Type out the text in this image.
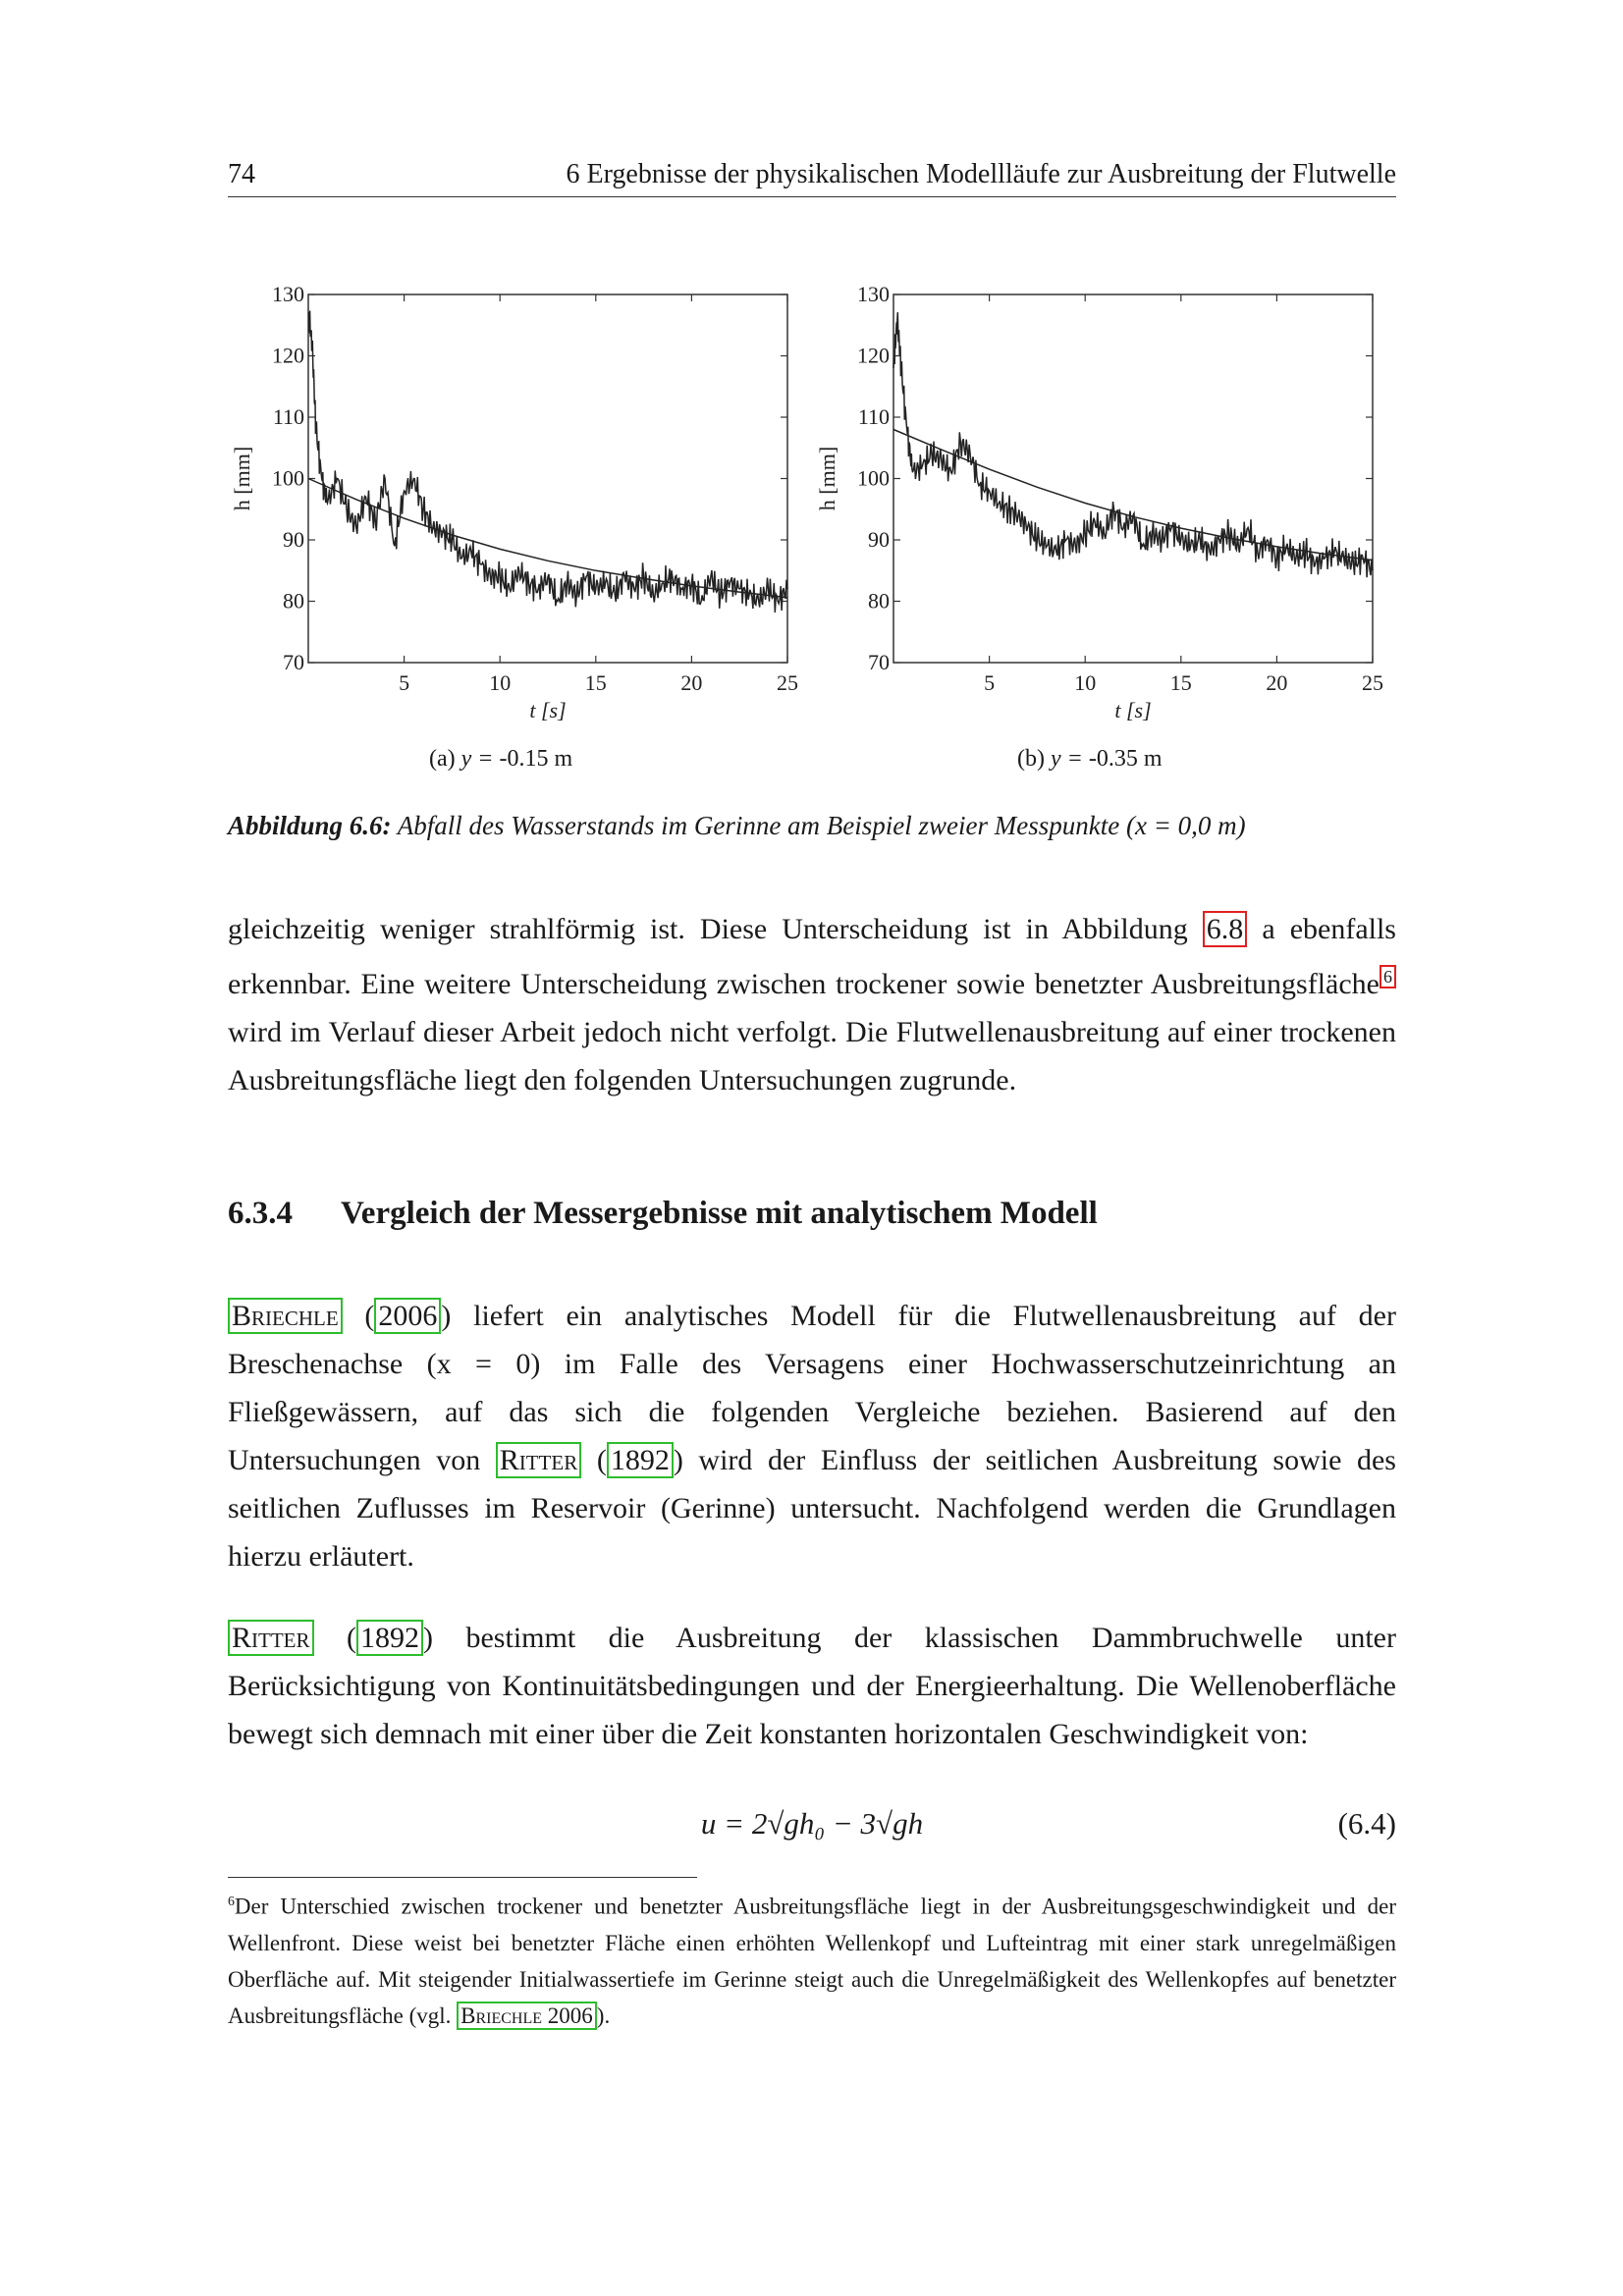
74	6 Ergebnisse der physikalischen Modellläufe zur Ausbreitung der Flutwelle
70
80
90
100
110
120
130
5	10	15	20	25
t [s]
h [mm]
70
80
90
100
110
120
130
5	10	15	20	25
t [s]
h [mm]
(a) y = -0.15 m	(b) y = -0.35 m
Abbildung 6.6: Abfall des Wasserstands im Gerinne am Beispiel zweier Messpunkte (x = 0,0 m)
gleichzeitig weniger strahlförmig ist. Diese Unterscheidung ist in Abbildung 6.8 a ebenfalls erkennbar. Eine weitere Unterscheidung zwischen trockener sowie benetzter Ausbreitungsfläche $^6$ wird im Verlauf dieser Arbeit jedoch nicht verfolgt. Die Flutwellenausbreitung auf einer trockenen Ausbreitungsfläche liegt den folgenden Untersuchungen zugrunde.
6.3.4 Vergleich der Messergebnisse mit analytischem Modell
Briechle ( 2006 ) liefert ein analytisches Modell für die Flutwellenausbreitung auf der Breschenachse (x = 0) im Falle des Versagens einer Hochwasserschutzeinrichtung an Fließgewässern, auf das sich die folgenden Vergleiche beziehen. Basierend auf den Untersuchungen von Ritter ( 1892 ) wird der Einfluss der seitlichen Ausbreitung sowie des seitlichen Zuflusses im Reservoir (Gerinne) untersucht. Nachfolgend werden die Grundlagen hierzu erläutert.
Ritter ( 1892 ) bestimmt die Ausbreitung der klassischen Dammbruchwelle unter Berücksichtigung von Kontinuitätsbedingungen und der Energieerhaltung. Die Wellenoberfläche bewegt sich demnach mit einer über die Zeit konstanten horizontalen Geschwindigkeit von:
u = 2√gh₀ − 3√gh	(6.4)
$^6$Der Unterschied zwischen trockener und benetzter Ausbreitungsfläche liegt in der Ausbreitungsgeschwindigkeit und der Wellenfront. Diese weist bei benetzter Fläche einen erhöhten Wellenkopf und Lufteintrag mit einer stark unregelmäßigen Oberfläche auf. Mit steigender Initialwassertiefe im Gerinne steigt auch die Unregelmäßigkeit des Wellenkopfes auf benetzter Ausbreitungsfläche (vgl. Briechle 2006 ).
